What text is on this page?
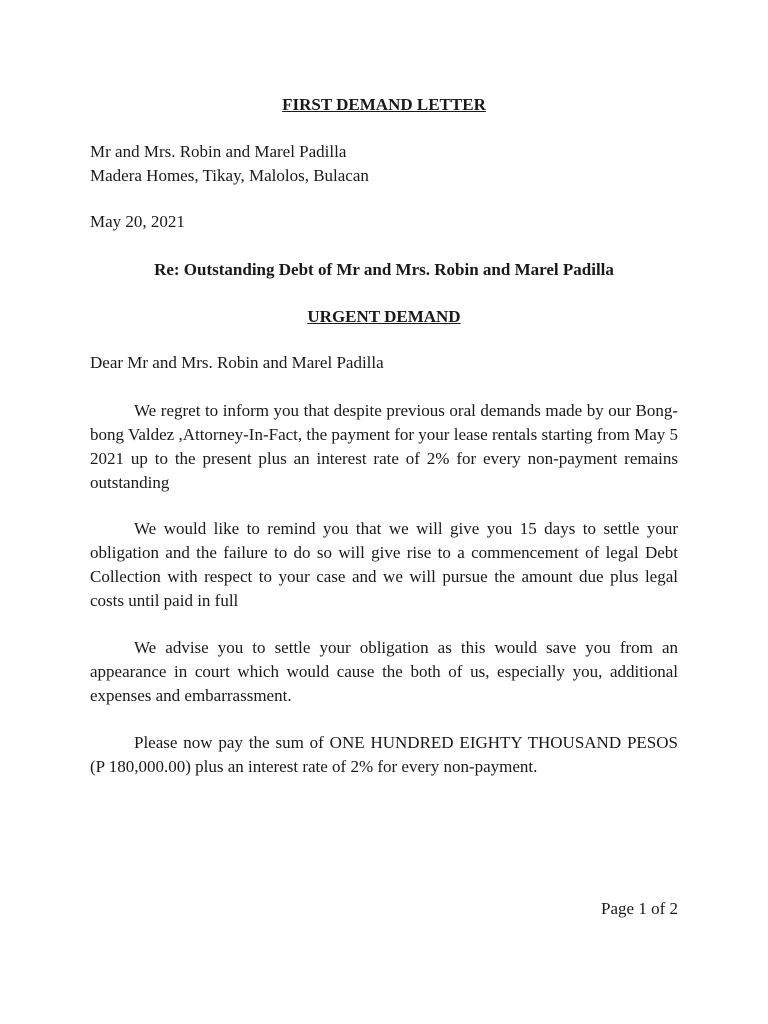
FIRST DEMAND LETTER

Mr and Mrs. Robin and Marel Padilla

Madera Homes, Tikay, Malolos, Bulacan

May 20, 2021

Re: Outstanding Debt of Mr and Mrs. Robin and Marel Padilla

URGENT DEMAND

Dear Mr and Mrs. Robin and Marel Padilla

We regret to inform you that despite previous oral demands made by our Bong-bong Valdez ,Attorney-In-Fact, the payment for your lease rentals starting from May 5 2021 up to the present plus an interest rate of 2% for every non-payment remains outstanding

We would like to remind you that we will give you 15 days to settle your obligation and the failure to do so will give rise to a commencement of legal Debt Collection with respect to your case and we will pursue the amount due plus legal costs until paid in full

We advise you to settle your obligation as this would save you from an appearance in court which would cause the both of us, especially you, additional expenses and embarrassment.

Please now pay the sum of ONE HUNDRED EIGHTY THOUSAND PESOS (P 180,000.00) plus an interest rate of 2% for every non-payment.

Page 1 of 2
